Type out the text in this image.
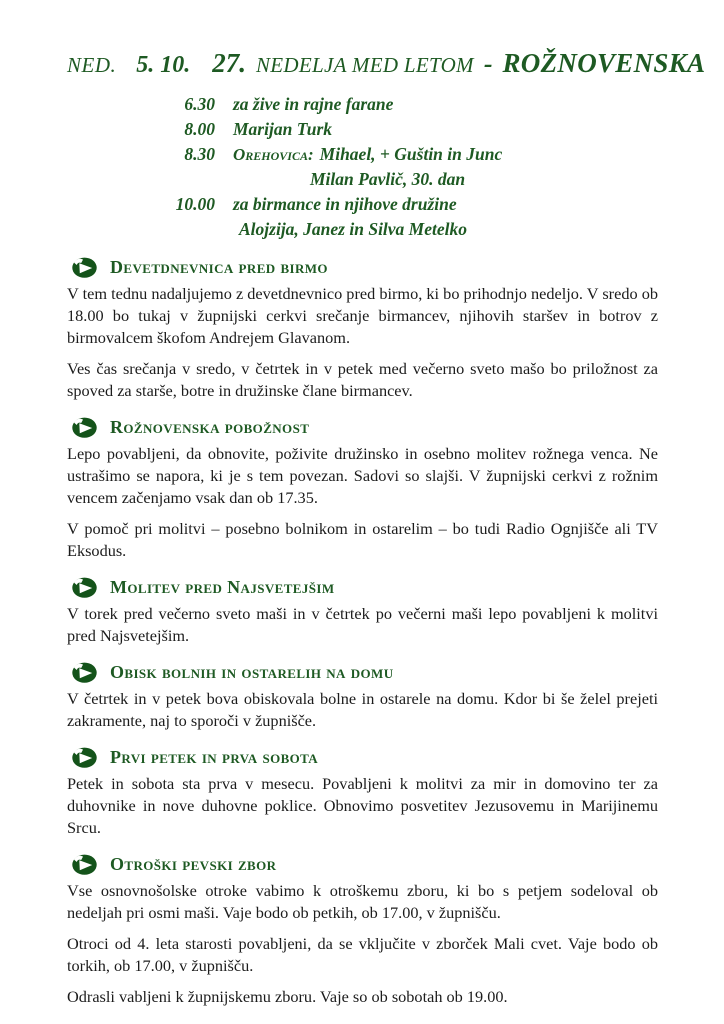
NED. 5. 10. 27. NEDELJA MED LETOM - ROŽNOVENSKA
6.30 za žive in rajne farane
8.00 Marijan Turk
8.30 Orehovica: Mihael, + Guštin in Junc
Milan Pavlič, 30. dan
10.00 za birmance in njihove družine
Alojzija, Janez in Silva Metelko
Devetdnevnica pred birmo

V tem tednu nadaljujemo z devetdnevnico pred birmo, ki bo prihodnjo nedeljo. V sredo ob 18.00 bo tukaj v župnijski cerkvi srečanje birmancev, njihovih staršev in botrov z birmovalcem škofom Andrejem Glavanom.

Ves čas srečanja v sredo, v četrtek in v petek med večerno sveto mašo bo priložnost za spoved za starše, botre in družinske člane birmancev.

Rožnovenska pobožnost

Lepo povabljeni, da obnovite, poživite družinsko in osebno molitev rožnega venca. Ne ustrašimo se napora, ki je s tem povezan. Sadovi so slajši. V župnijski cerkvi z rožnim vencem začenjamo vsak dan ob 17.35.

V pomoč pri molitvi – posebno bolnikom in ostarelim – bo tudi Radio Ognjišče ali TV Eksodus.

Molitev pred Najsvetejšim

V torek pred večerno sveto maši in v četrtek po večerni maši lepo povabljeni k molitvi pred Najsvetejšim.

Obisk bolnih in ostarelih na domu

V četrtek in v petek bova obiskovala bolne in ostarele na domu. Kdor bi še želel prejeti zakramente, naj to sporoči v župnišče.

Prvi petek in prva sobota

Petek in sobota sta prva v mesecu. Povabljeni k molitvi za mir in domovino ter za duhovnike in nove duhovne poklice. Obnovimo posvetitev Jezusovemu in Marijinemu Srcu.

Otroški pevski zbor

Vse osnovnošolske otroke vabimo k otroškemu zboru, ki bo s petjem sodeloval ob nedeljah pri osmi maši. Vaje bodo ob petkih, ob 17.00, v župnišču.

Otroci od 4. leta starosti povabljeni, da se vključite v zborček Mali cvet. Vaje bodo ob torkih, ob 17.00, v župnišču.

Odrasli vabljeni k župnijskemu zboru. Vaje so ob sobotah ob 19.00.
